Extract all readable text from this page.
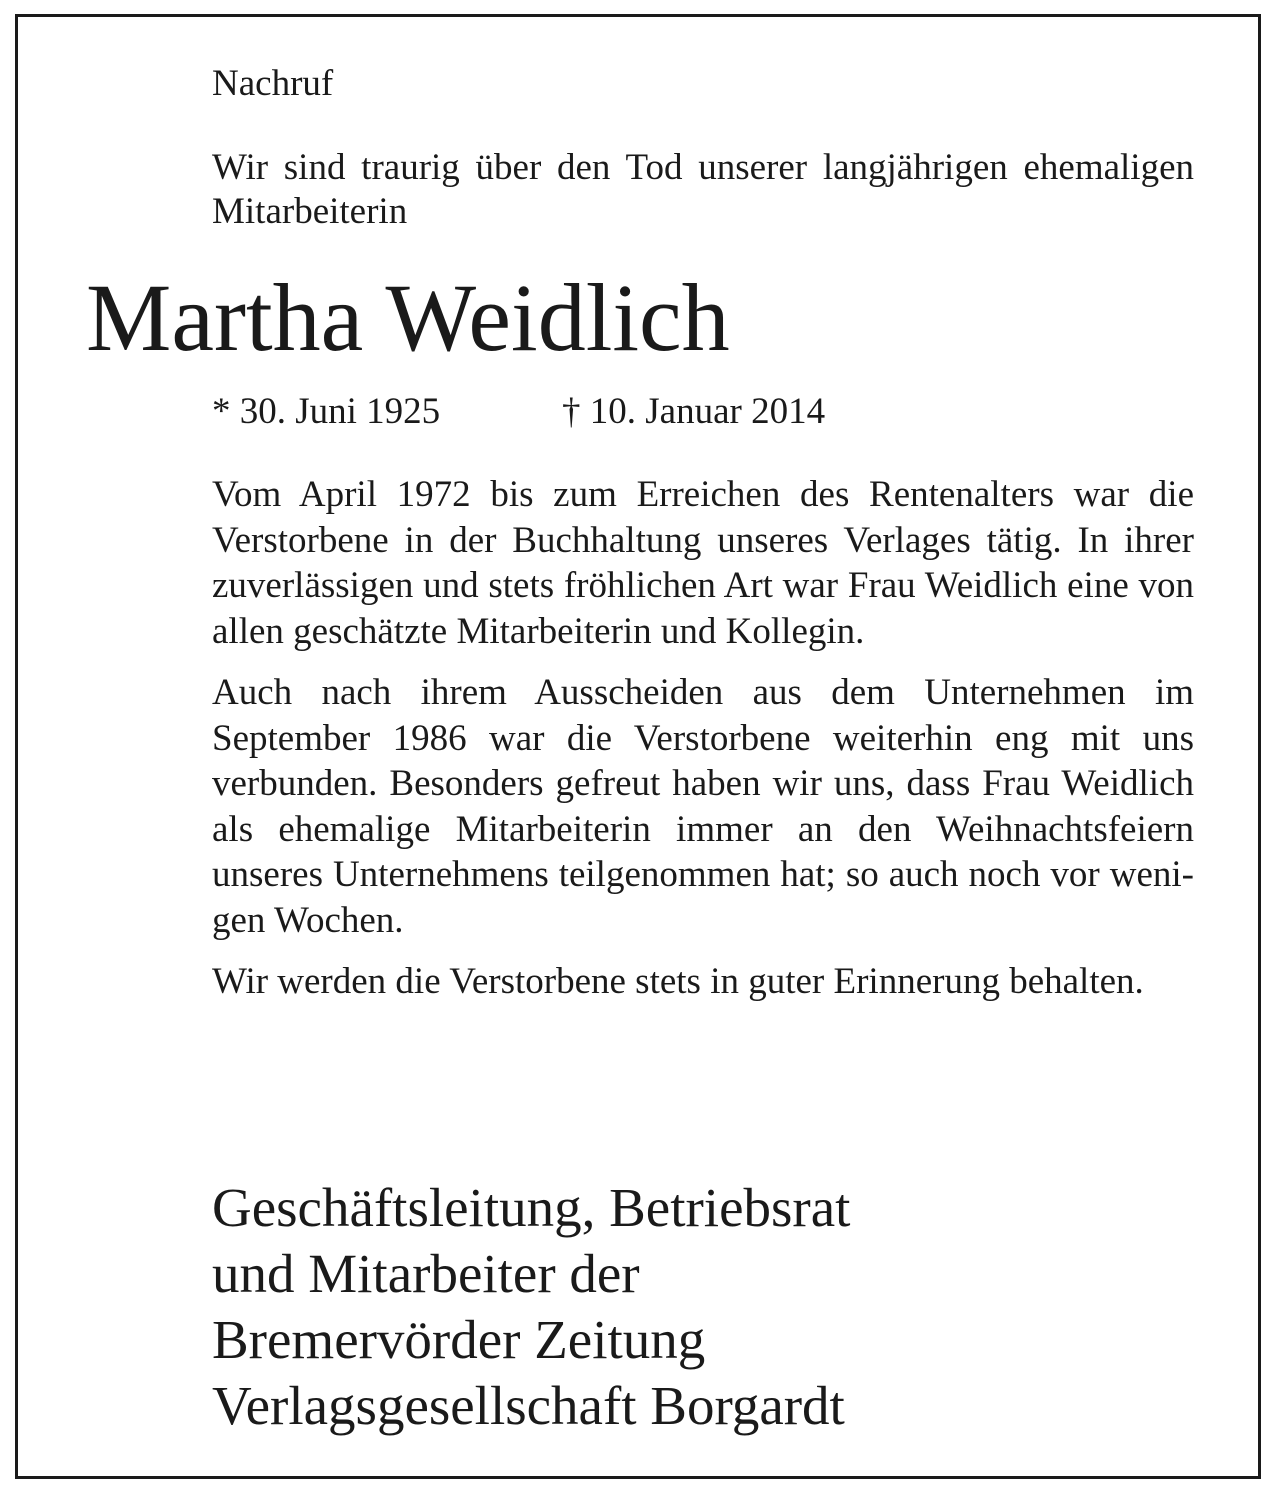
Nachruf

Wir sind traurig über den Tod unserer langjährigen ehemaligen Mitarbeiterin

Martha Weidlich

* 30. Juni 1925	† 10. Januar 2014

Vom April 1972 bis zum Erreichen des Rentenalters war die Verstorbene in der Buchhaltung unseres Verlages tätig. In ihrer zuverlässigen und stets fröhlichen Art war Frau Weidlich eine von allen geschätzte Mitarbeiterin und Kollegin.

Auch nach ihrem Ausscheiden aus dem Unternehmen im September 1986 war die Verstorbene weiterhin eng mit uns verbunden. Besonders gefreut haben wir uns, dass Frau Weidlich als ehemalige Mitarbeiterin immer an den Weihnachtsfeiern unseres Unternehmens teilgenommen hat; so auch noch vor wenigen Wochen.

Wir werden die Verstorbene stets in guter Erinnerung behalten.

Geschäftsleitung, Betriebsrat
und Mitarbeiter der
Bremervörder Zeitung
Verlagsgesellschaft Borgardt
